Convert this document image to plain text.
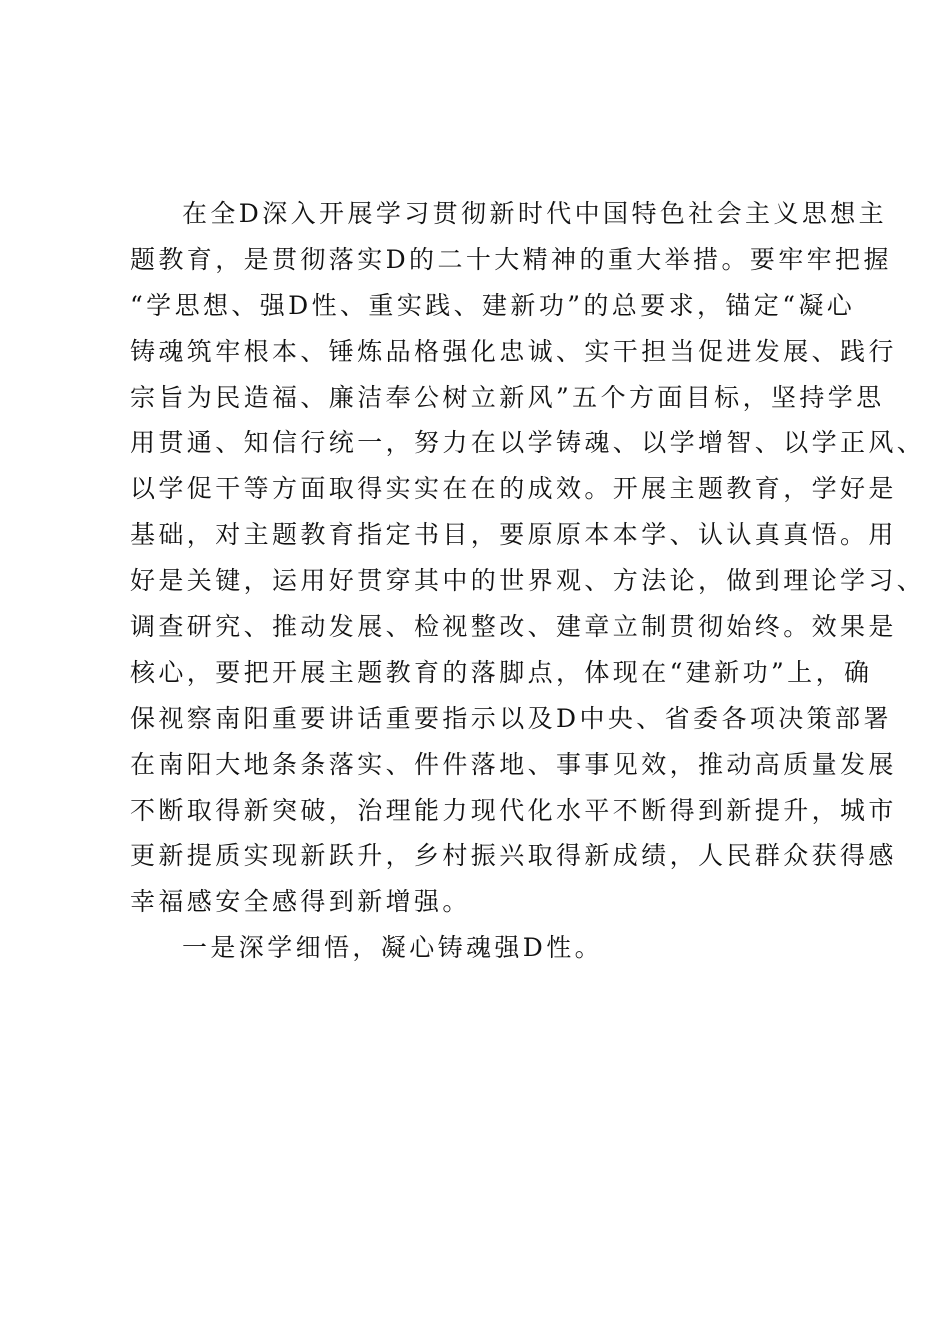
在全D深入开展学习贯彻新时代中国特色社会主义思想主
题教育，是贯彻落实D的二十大精神的重大举措。要牢牢把握
“学思想、强D性、重实践、建新功”的总要求，锚定“凝心
铸魂筑牢根本、锤炼品格强化忠诚、实干担当促进发展、践行
宗旨为民造福、廉洁奉公树立新风”五个方面目标，坚持学思
用贯通、知信行统一，努力在以学铸魂、以学增智、以学正风、
以学促干等方面取得实实在在的成效。开展主题教育，学好是
基础，对主题教育指定书目，要原原本本学、认认真真悟。用
好是关键，运用好贯穿其中的世界观、方法论，做到理论学习、
调查研究、推动发展、检视整改、建章立制贯彻始终。效果是
核心，要把开展主题教育的落脚点，体现在“建新功”上，确
保视察南阳重要讲话重要指示以及D中央、省委各项决策部署
在南阳大地条条落实、件件落地、事事见效，推动高质量发展
不断取得新突破，治理能力现代化水平不断得到新提升，城市
更新提质实现新跃升，乡村振兴取得新成绩，人民群众获得感
幸福感安全感得到新增强。
一是深学细悟，凝心铸魂强D性。
